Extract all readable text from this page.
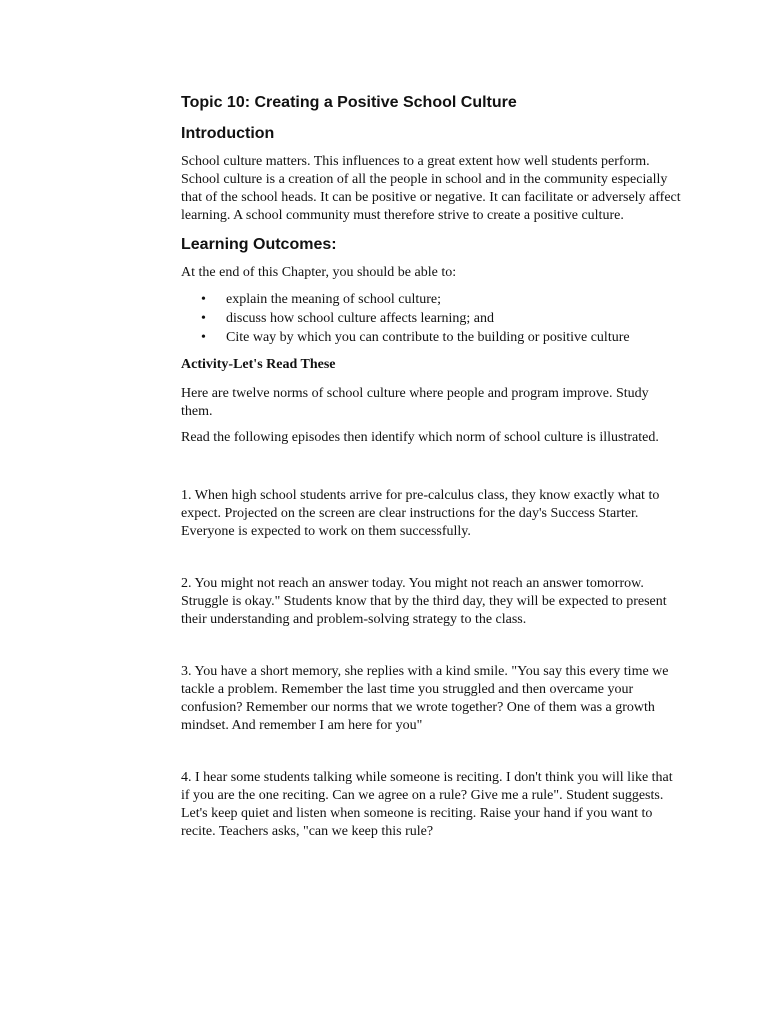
Topic 10: Creating a Positive School Culture
Introduction

School culture matters. This influences to a great extent how well students perform. School culture is a creation of all the people in school and in the community especially that of the school heads. It can be positive or negative. It can facilitate or adversely affect learning. A school community must therefore strive to create a positive culture.

Learning Outcomes:

At the end of this Chapter, you should be able to:

• explain the meaning of school culture;
• discuss how school culture affects learning; and
• Cite way by which you can contribute to the building or positive culture
Activity-Let's Read These

Here are twelve norms of school culture where people and program improve. Study them.

Read the following episodes then identify which norm of school culture is illustrated.

1. When high school students arrive for pre-calculus class, they know exactly what to expect. Projected on the screen are clear instructions for the day's Success Starter. Everyone is expected to work on them successfully.

2. You might not reach an answer today. You might not reach an answer tomorrow. Struggle is okay." Students know that by the third day, they will be expected to present their understanding and problem-solving strategy to the class.

3. You have a short memory, she replies with a kind smile. "You say this every time we tackle a problem. Remember the last time you struggled and then overcame your confusion? Remember our norms that we wrote together? One of them was a growth mindset. And remember I am here for you"

4. I hear some students talking while someone is reciting. I don't think you will like that if you are the one reciting. Can we agree on a rule? Give me a rule". Student suggests. Let's keep quiet and listen when someone is reciting. Raise your hand if you want to recite. Teachers asks, "can we keep this rule?
